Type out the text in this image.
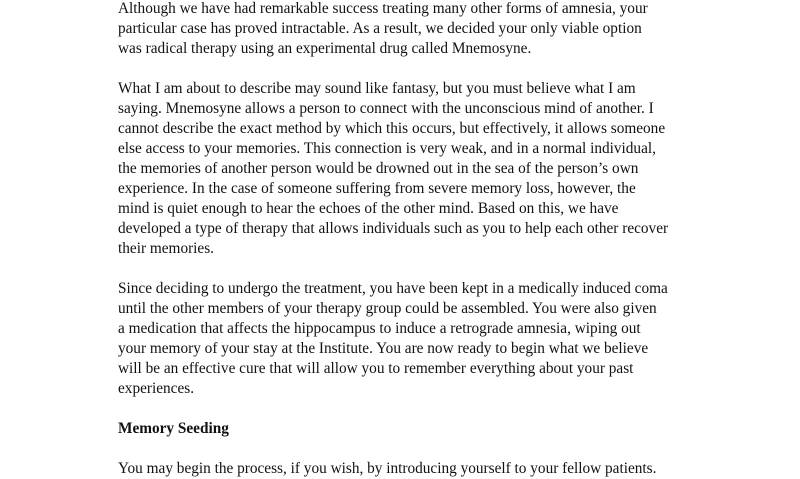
Although we have had remarkable success treating many other forms of amnesia, your
particular case has proved intractable. As a result, we decided your only viable option
was radical therapy using an experimental drug called Mnemosyne.
What I am about to describe may sound like fantasy, but you must believe what I am
saying. Mnemosyne allows a person to connect with the unconscious mind of another. I
cannot describe the exact method by which this occurs, but effectively, it allows someone
else access to your memories. This connection is very weak, and in a normal individual,
the memories of another person would be drowned out in the sea of the person’s own
experience. In the case of someone suffering from severe memory loss, however, the
mind is quiet enough to hear the echoes of the other mind. Based on this, we have
developed a type of therapy that allows individuals such as you to help each other recover
their memories.
Since deciding to undergo the treatment, you have been kept in a medically induced coma
until the other members of your therapy group could be assembled. You were also given
a medication that affects the hippocampus to induce a retrograde amnesia, wiping out
your memory of your stay at the Institute. You are now ready to begin what we believe
will be an effective cure that will allow you to remember everything about your past
experiences.
Memory Seeding
You may begin the process, if you wish, by introducing yourself to your fellow patients.
